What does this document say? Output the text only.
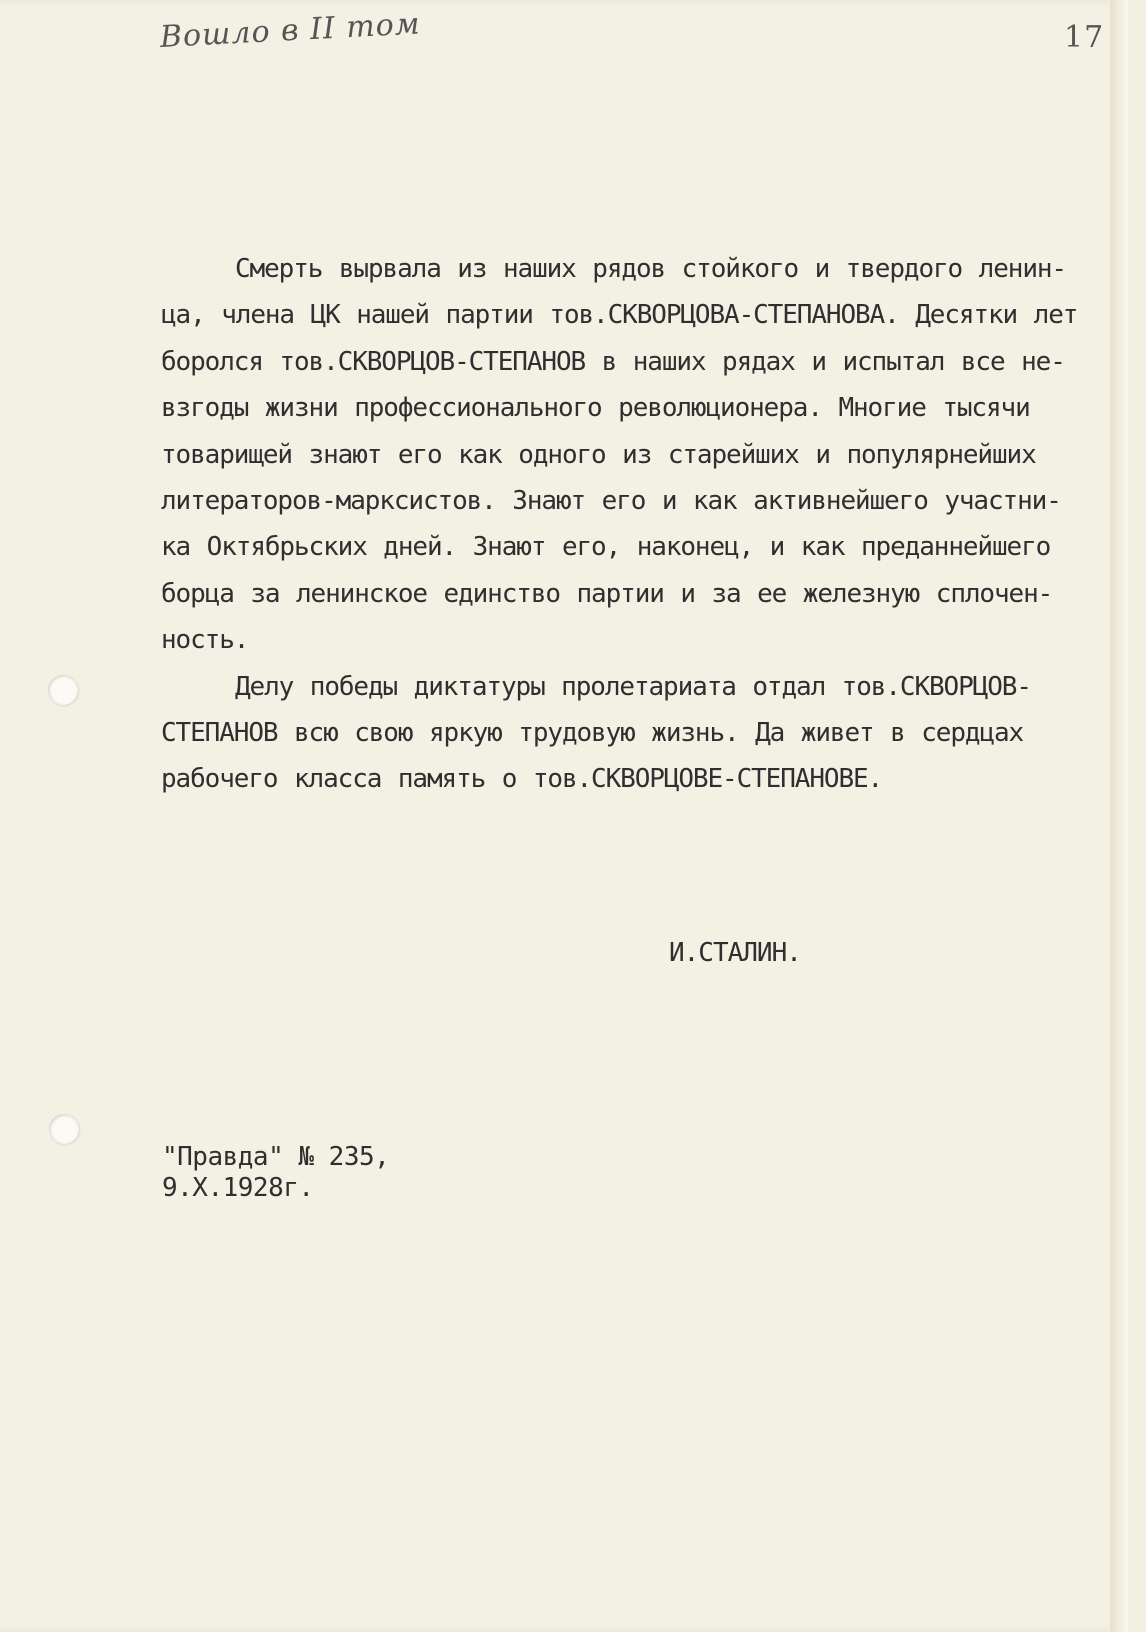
Вошло в II том	17
Смерть вырвала из наших рядов стойкого и твердого ленин-
ца, члена ЦК нашей партии тов.СКВОРЦОВА-СТЕПАНОВА. Десятки лет
боролся тов.СКВОРЦОВ-СТЕПАНОВ в наших рядах и испытал все не-
взгоды жизни профессионального революционера. Многие тысячи
товарищей знают его как одного из старейших и популярнейших
литераторов-марксистов. Знают его и как активнейшего участни-
ка Октябрьских дней. Знают его, наконец, и как преданнейшего
борца за ленинское единство партии и за ее железную сплочен-
ность.
Делу победы диктатуры пролетариата отдал тов.СКВОРЦОВ-
СТЕПАНОВ всю свою яркую трудовую жизнь. Да живет в сердцах
рабочего класса память о тов.СКВОРЦОВЕ-СТЕПАНОВЕ.
И.СТАЛИН.
"Правда" № 235,
9.X.1928г.
